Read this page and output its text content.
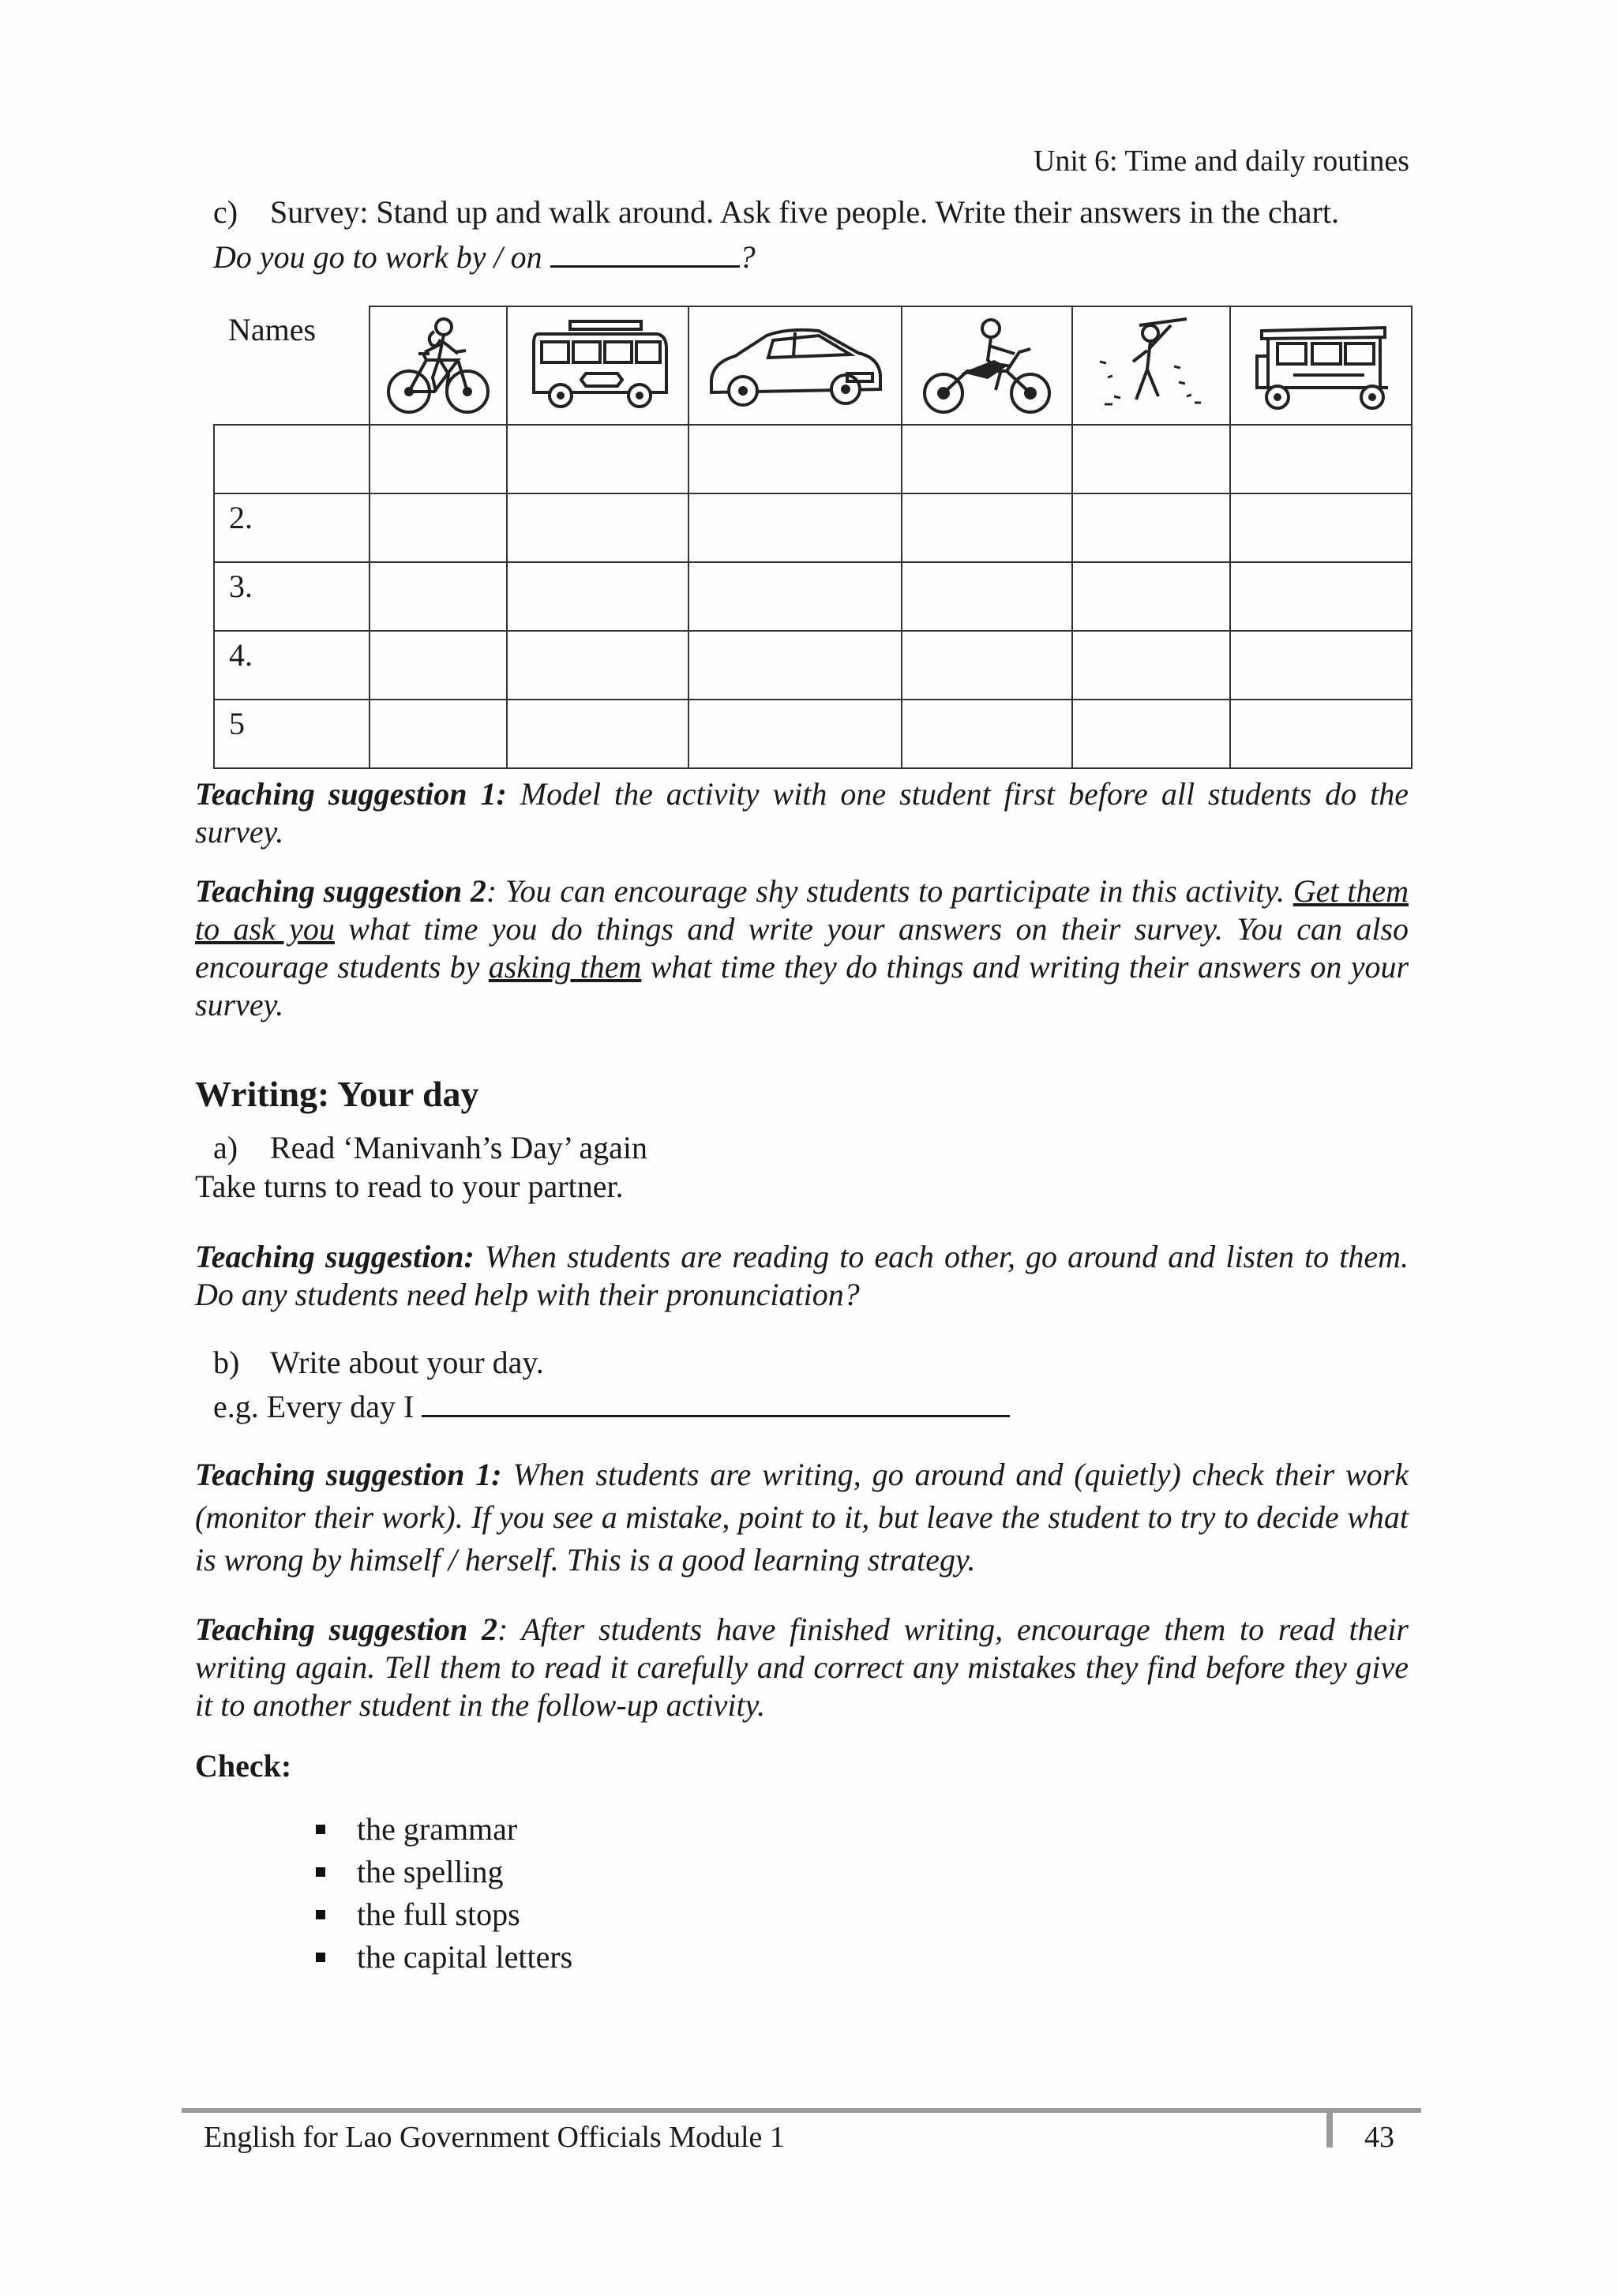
Unit 6: Time and daily routines
c) Survey: Stand up and walk around. Ask five people. Write their answers in the chart.
Do you go to work by / on	?
Names	

2.						
3.						
4.						
5						
Teaching suggestion 1: Model the activity with one student first before all students do the survey.
Teaching suggestion 2: You can encourage shy students to participate in this activity. Get them to ask you what time you do things and write your answers on their survey. You can also encourage students by asking them what time they do things and writing their answers on your survey.
Writing: Your day
a) Read ‘Manivanh’s Day’ again
Take turns to read to your partner.
Teaching suggestion: When students are reading to each other, go around and listen to them. Do any students need help with their pronunciation?
b) Write about your day.
e.g. Every day I
Teaching suggestion 1: When students are writing, go around and (quietly) check their work (monitor their work). If you see a mistake, point to it, but leave the student to try to decide what is wrong by himself / herself. This is a good learning strategy.
Teaching suggestion 2: After students have finished writing, encourage them to read their writing again. Tell them to read it carefully and correct any mistakes they find before they give it to another student in the follow-up activity.
Check:
the grammar
the spelling
the full stops
the capital letters
English for Lao Government Officials Module 1	43
